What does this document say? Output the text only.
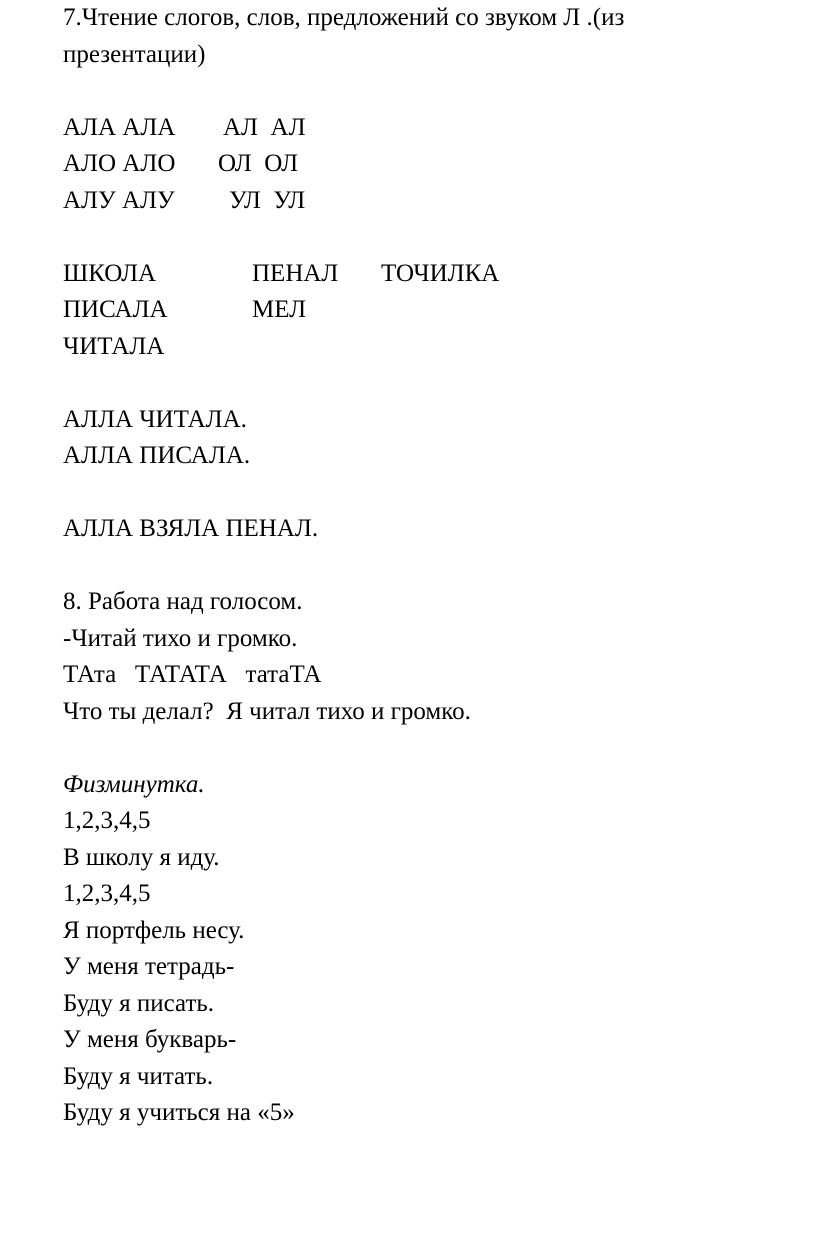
7.Чтение слогов, слов, предложений со звуком Л .(из
презентации)

АЛА АЛА

АЛ  АЛ

АЛО АЛО

ОЛ  ОЛ

АЛУ АЛУ

УЛ  УЛ

ШКОЛА

	ПЕНАЛ

ТОЧИЛКА

ПИСАЛА

	МЕЛ

ЧИТАЛА

АЛЛА ЧИТАЛА.
АЛЛА ПИСАЛА.
АЛЛА ВЗЯЛА ПЕНАЛ.
8. Работа над голосом.
-Читай тихо и громко.
ТАта   ТАТАТА   татаТА
Что ты делал?  Я читал тихо и громко.
Физминутка.
1,2,3,4,5
В школу я иду.
1,2,3,4,5
Я портфель несу.
У меня тетрадь-
Буду я писать.
У меня букварь-
Буду я читать.
Буду я учиться на «5»
